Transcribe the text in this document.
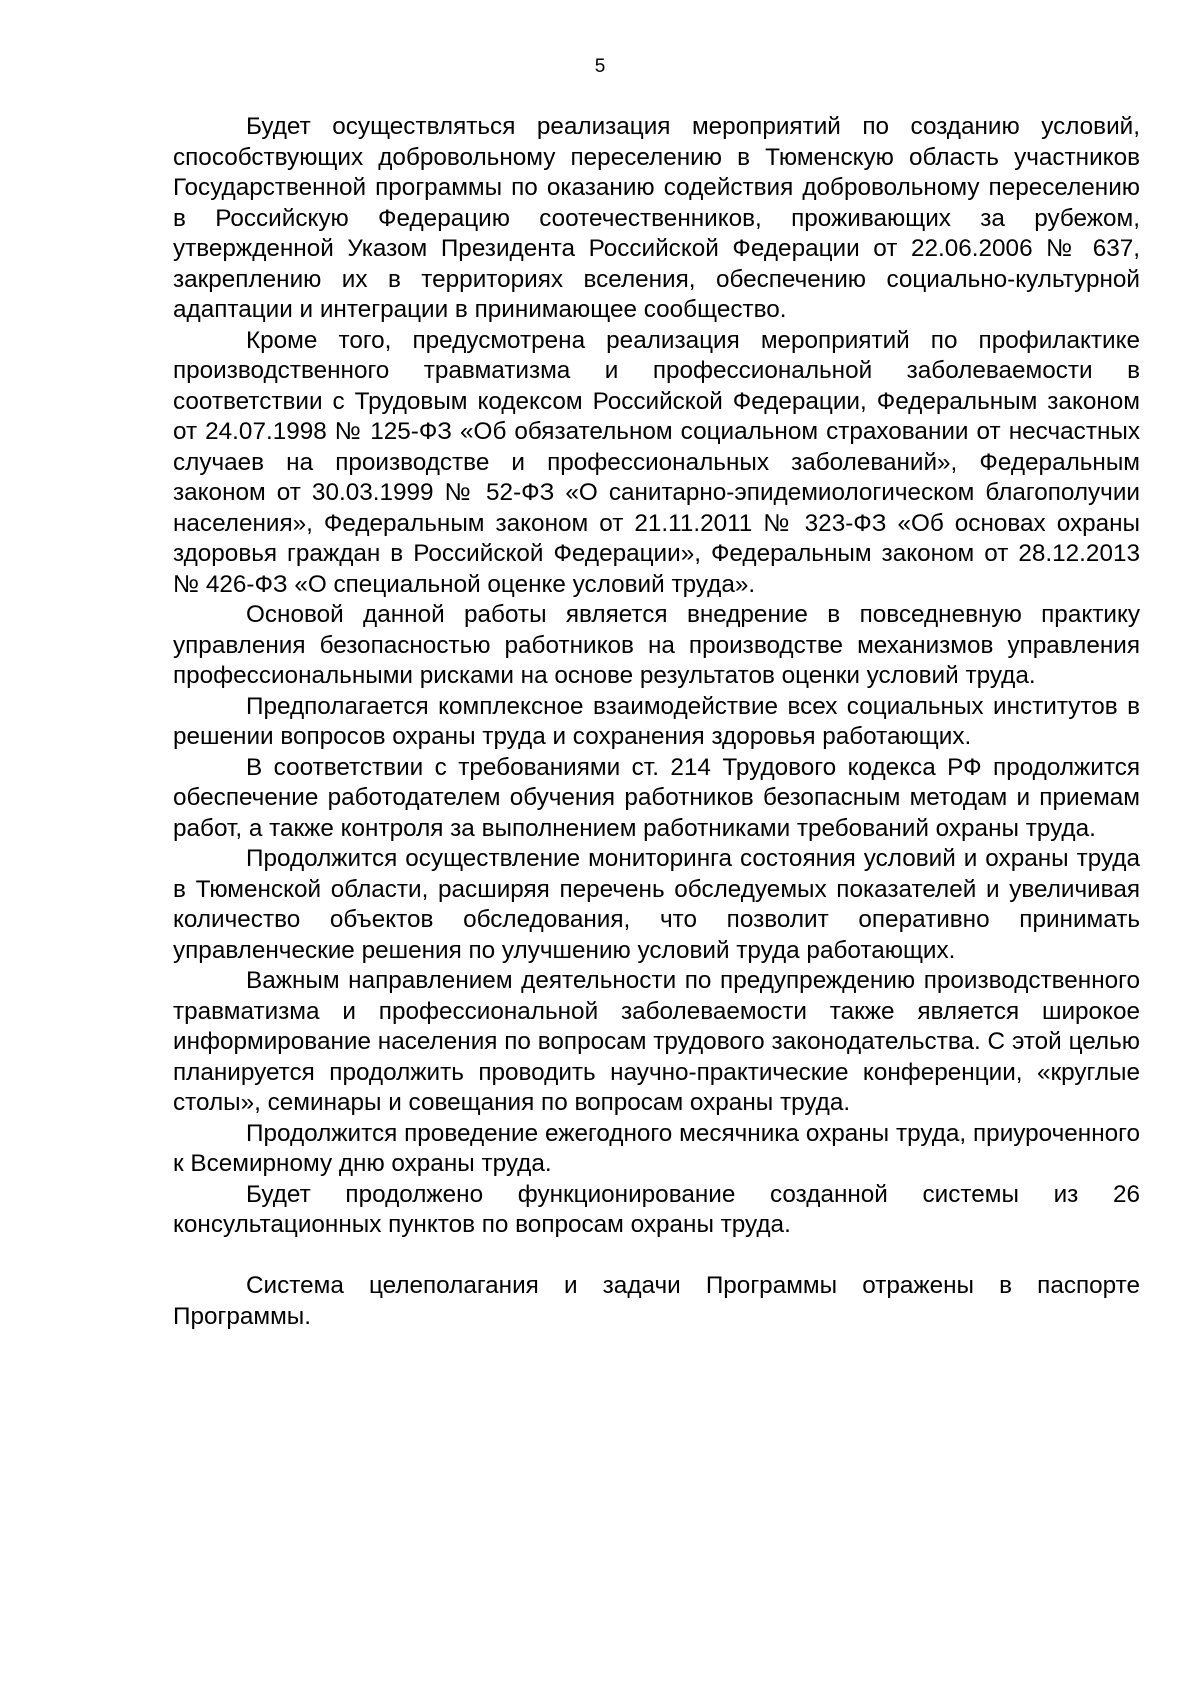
5

Будет осуществляться реализация мероприятий по созданию условий, способствующих добровольному переселению в Тюменскую область участников Государственной программы по оказанию содействия добровольному переселению в Российскую Федерацию соотечественников, проживающих за рубежом, утвержденной Указом Президента Российской Федерации от 22.06.2006 № 637, закреплению их в территориях вселения, обеспечению социально-культурной адаптации и интеграции в принимающее сообщество.

Кроме того, предусмотрена реализация мероприятий по профилактике производственного травматизма и профессиональной заболеваемости в соответствии с Трудовым кодексом Российской Федерации, Федеральным законом от 24.07.1998 № 125-ФЗ «Об обязательном социальном страховании от несчастных случаев на производстве и профессиональных заболеваний», Федеральным законом от 30.03.1999 № 52-ФЗ «О санитарно-эпидемиологическом благополучии населения», Федеральным законом от 21.11.2011 № 323-ФЗ «Об основах охраны здоровья граждан в Российской Федерации», Федеральным законом от 28.12.2013 № 426-ФЗ «О специальной оценке условий труда».

Основой данной работы является внедрение в повседневную практику управления безопасностью работников на производстве механизмов управления профессиональными рисками на основе результатов оценки условий труда.

Предполагается комплексное взаимодействие всех социальных институтов в решении вопросов охраны труда и сохранения здоровья работающих.

В соответствии с требованиями ст. 214 Трудового кодекса РФ продолжится обеспечение работодателем обучения работников безопасным методам и приемам работ, а также контроля за выполнением работниками требований охраны труда.

Продолжится осуществление мониторинга состояния условий и охраны труда в Тюменской области, расширяя перечень обследуемых показателей и увеличивая количество объектов обследования, что позволит оперативно принимать управленческие решения по улучшению условий труда работающих.

Важным направлением деятельности по предупреждению производственного травматизма и профессиональной заболеваемости также является широкое информирование населения по вопросам трудового законодательства. С этой целью планируется продолжить проводить научно-практические конференции, «круглые столы», семинары и совещания по вопросам охраны труда.

Продолжится проведение ежегодного месячника охраны труда, приуроченного к Всемирному дню охраны труда.

Будет продолжено функционирование созданной системы из 26 консультационных пунктов по вопросам охраны труда.

Система целеполагания и задачи Программы отражены в паспорте Программы.
